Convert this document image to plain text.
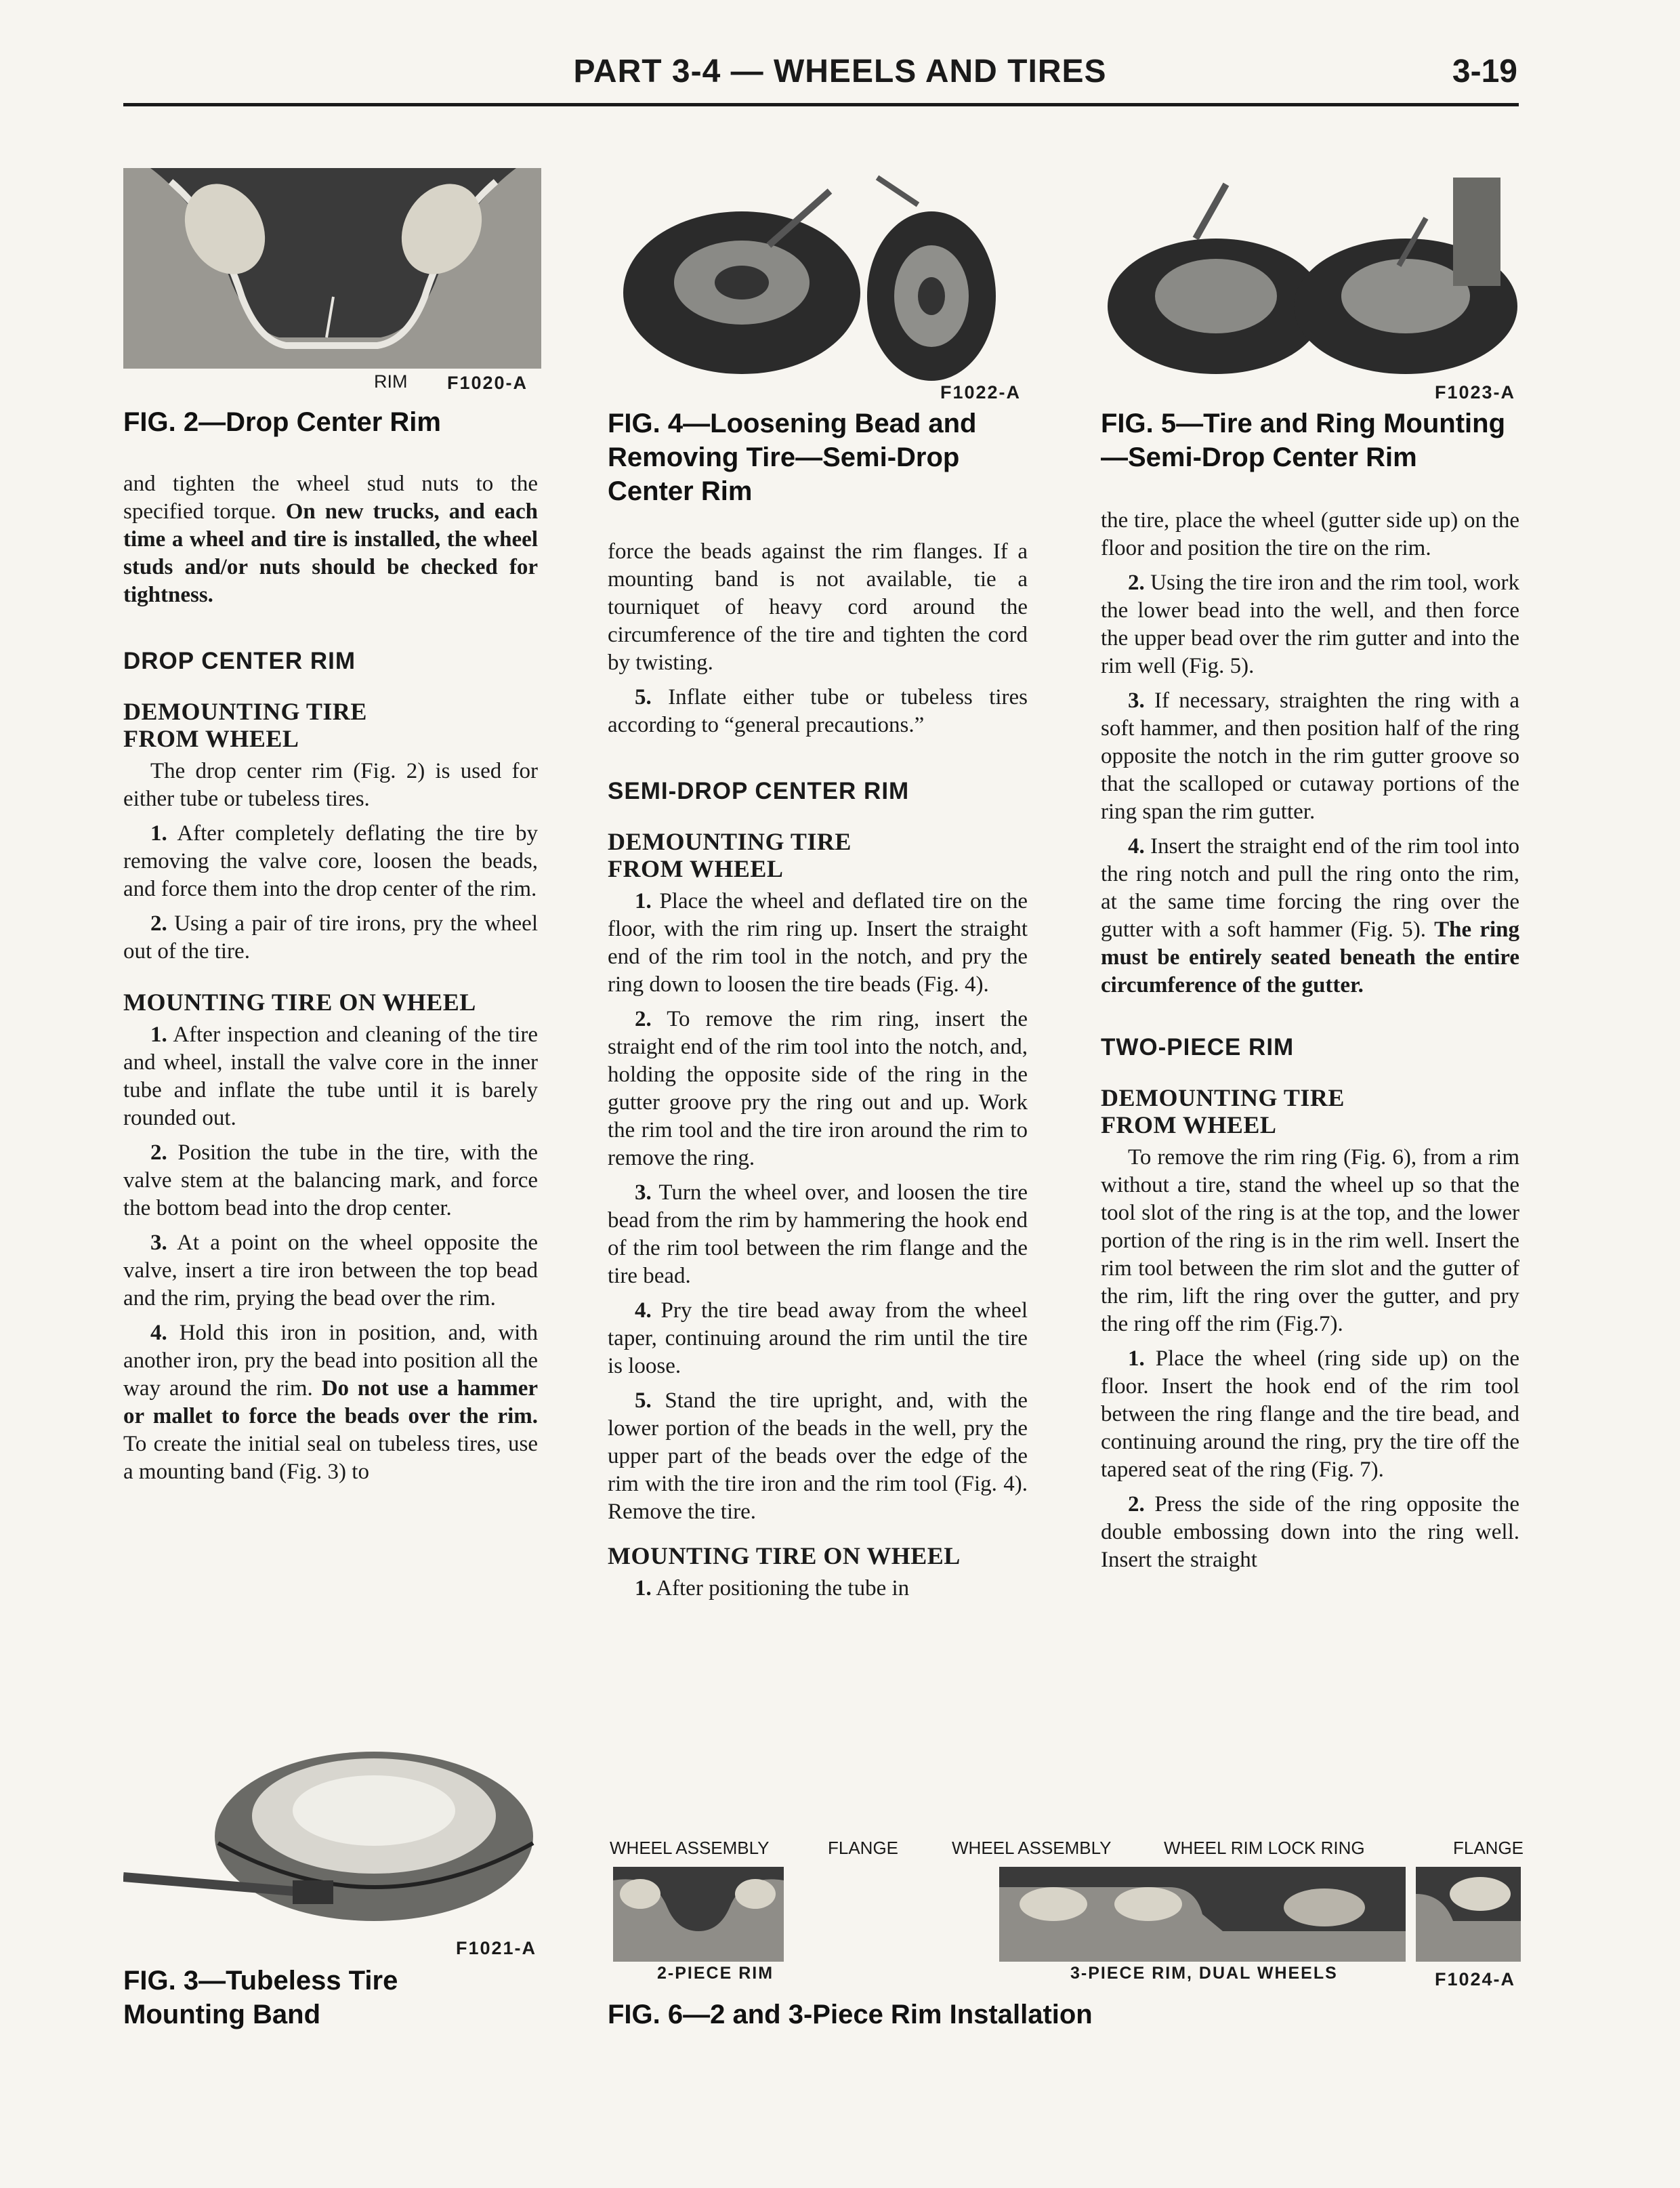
PART 3-4 — WHEELS AND TIRES	3-19
RIM F1020-A
FIG. 2—Drop Center Rim
F1022-A
FIG. 4—Loosening Bead and
Removing Tire—Semi-Drop
Center Rim
F1023-A
FIG. 5—Tire and Ring Mounting
—Semi-Drop Center Rim

and tighten the wheel stud nuts to the specified torque. On new trucks, and each time a wheel and tire is installed, the wheel studs and/or nuts should be checked for tightness.

DROP CENTER RIM
DEMOUNTING TIRE FROM WHEEL

The drop center rim (Fig. 2) is used for either tube or tubeless tires.

1. After completely deflating the tire by removing the valve core, loosen the beads, and force them into the drop center of the rim.

2. Using a pair of tire irons, pry the wheel out of the tire.

MOUNTING TIRE ON WHEEL

1. After inspection and cleaning of the tire and wheel, install the valve core in the inner tube and inflate the tube until it is barely rounded out.

2. Position the tube in the tire, with the valve stem at the balancing mark, and force the bottom bead into the drop center.

3. At a point on the wheel opposite the valve, insert a tire iron between the top bead and the rim, prying the bead over the rim.

4. Hold this iron in position, and, with another iron, pry the bead into position all the way around the rim. Do not use a hammer or mallet to force the beads over the rim. To create the initial seal on tubeless tires, use a mounting band (Fig. 3) to

F1021-A
FIG. 3—Tubeless Tire
Mounting Band

force the beads against the rim flanges. If a mounting band is not available, tie a tourniquet of heavy cord around the circumference of the tire and tighten the cord by twisting.

5. Inflate either tube or tubeless tires according to “general precautions.”

SEMI-DROP CENTER RIM
DEMOUNTING TIRE FROM WHEEL

1. Place the wheel and deflated tire on the floor, with the rim ring up. Insert the straight end of the rim tool in the notch, and pry the ring down to loosen the tire beads (Fig. 4).

2. To remove the rim ring, insert the straight end of the rim tool into the notch, and, holding the opposite side of the ring in the gutter groove pry the ring out and up. Work the rim tool and the tire iron around the rim to remove the ring.

3. Turn the wheel over, and loosen the tire bead from the rim by hammering the hook end of the rim tool between the rim flange and the tire bead.

4. Pry the tire bead away from the wheel taper, continuing around the rim until the tire is loose.

5. Stand the tire upright, and, with the lower portion of the beads in the well, pry the upper part of the beads over the edge of the rim with the tire iron and the rim tool (Fig. 4). Remove the tire.

MOUNTING TIRE ON WHEEL

1. After positioning the tube in

the tire, place the wheel (gutter side up) on the floor and position the tire on the rim.

2. Using the tire iron and the rim tool, work the lower bead into the well, and then force the upper bead over the rim gutter and into the rim well (Fig. 5).

3. If necessary, straighten the ring with a soft hammer, and then position half of the ring opposite the notch in the rim gutter groove so that the scalloped or cutaway portions of the ring span the rim gutter.

4. Insert the straight end of the rim tool into the ring notch and pull the ring onto the rim, at the same time forcing the ring over the gutter with a soft hammer (Fig. 5). The ring must be entirely seated beneath the entire circumference of the gutter.

TWO-PIECE RIM
DEMOUNTING TIRE FROM WHEEL

To remove the rim ring (Fig. 6), from a rim without a tire, stand the wheel up so that the tool slot of the ring is at the top, and the lower portion of the ring is in the rim well. Insert the rim tool between the rim slot and the gutter of the rim, lift the ring over the gutter, and pry the ring off the rim (Fig.7).

1. Place the wheel (ring side up) on the floor. Insert the hook end of the rim tool between the ring flange and the tire bead, and continuing around the ring, pry the tire off the tapered seat of the ring (Fig. 7).

2. Press the side of the ring opposite the double embossing down into the ring well. Insert the straight

WHEEL ASSEMBLY	FLANGE	WHEEL ASSEMBLY	WHEEL RIM LOCK RING	FLANGE
2-PIECE RIM	3-PIECE RIM, DUAL WHEELS	F1024-A
FIG. 6—2 and 3-Piece Rim Installation
